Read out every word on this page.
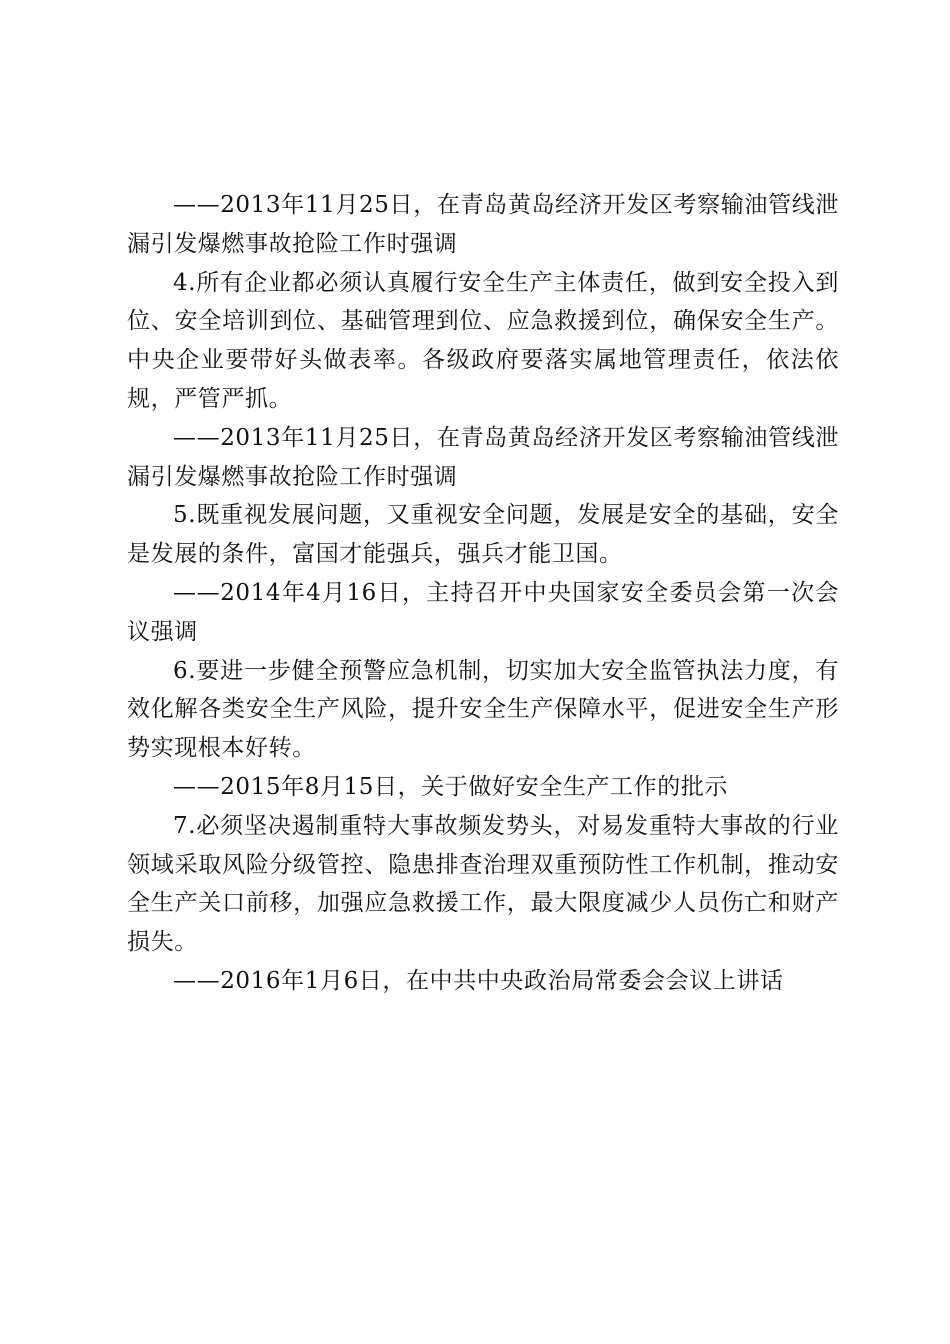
——2013年11月25日，在青岛黄岛经济开发区考察输油管线泄漏引发爆燃事故抢险工作时强调

4.所有企业都必须认真履行安全生产主体责任，做到安全投入到位、安全培训到位、基础管理到位、应急救援到位，确保安全生产。中央企业要带好头做表率。各级政府要落实属地管理责任，依法依规，严管严抓。

——2013年11月25日，在青岛黄岛经济开发区考察输油管线泄漏引发爆燃事故抢险工作时强调

5.既重视发展问题，又重视安全问题，发展是安全的基础，安全是发展的条件，富国才能强兵，强兵才能卫国。

——2014年4月16日，主持召开中央国家安全委员会第一次会议强调

6.要进一步健全预警应急机制，切实加大安全监管执法力度，有效化解各类安全生产风险，提升安全生产保障水平，促进安全生产形势实现根本好转。

——2015年8月15日，关于做好安全生产工作的批示

7.必须坚决遏制重特大事故频发势头，对易发重特大事故的行业领域采取风险分级管控、隐患排查治理双重预防性工作机制，推动安全生产关口前移，加强应急救援工作，最大限度减少人员伤亡和财产损失。

——2016年1月6日，在中共中央政治局常委会会议上讲话
